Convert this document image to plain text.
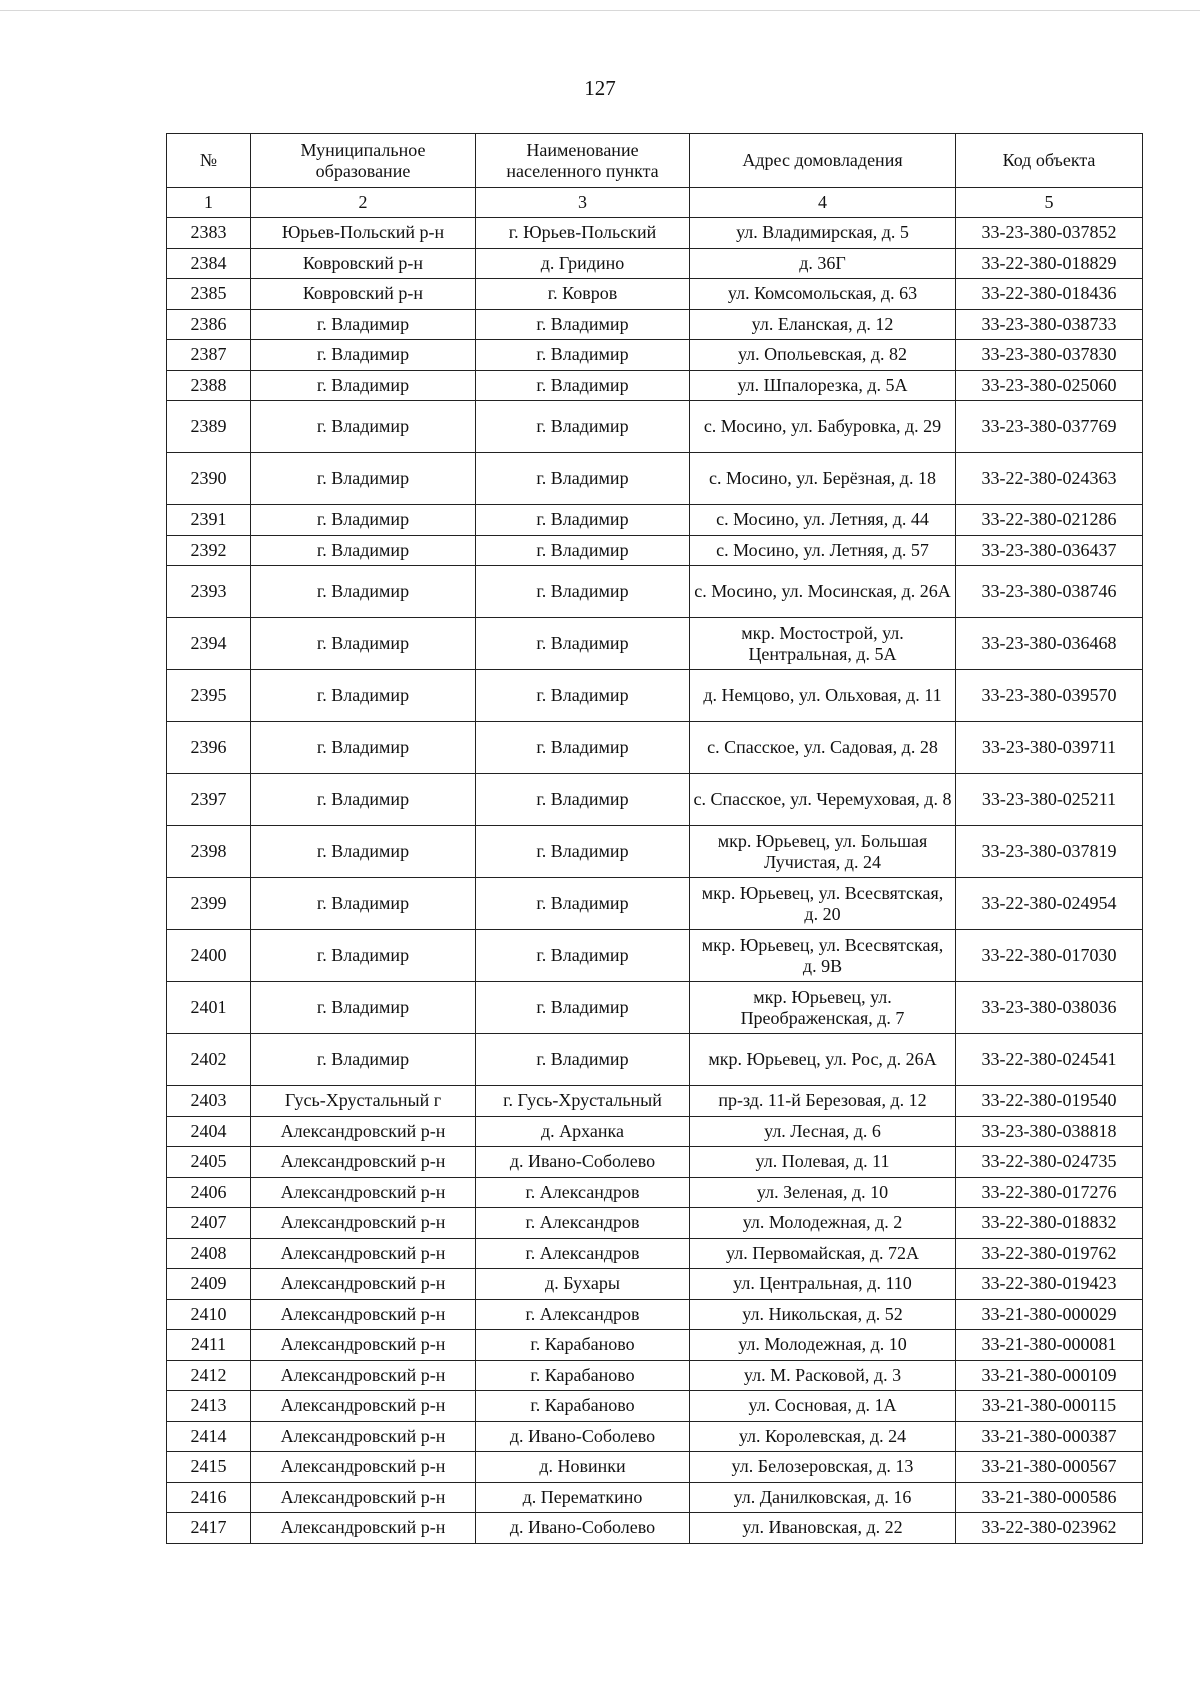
127
№	Муниципальное образование	Наименование населенного пункта	Адрес домовладения	Код объекта
1	2	3	4	5
2383	Юрьев-Польский р-н	г. Юрьев-Польский	ул. Владимирская, д. 5	33-23-380-037852
2384	Ковровский р-н	д. Гридино	д. 36Г	33-22-380-018829
2385	Ковровский р-н	г. Ковров	ул. Комсомольская, д. 63	33-22-380-018436
2386	г. Владимир	г. Владимир	ул. Еланская, д. 12	33-23-380-038733
2387	г. Владимир	г. Владимир	ул. Опольевская, д. 82	33-23-380-037830
2388	г. Владимир	г. Владимир	ул. Шпалорезка, д. 5А	33-23-380-025060
2389	г. Владимир	г. Владимир	с. Мосино, ул. Бабуровка, д. 29	33-23-380-037769
2390	г. Владимир	г. Владимир	с. Мосино, ул. Берёзная, д. 18	33-22-380-024363
2391	г. Владимир	г. Владимир	с. Мосино, ул. Летняя, д. 44	33-22-380-021286
2392	г. Владимир	г. Владимир	с. Мосино, ул. Летняя, д. 57	33-23-380-036437
2393	г. Владимир	г. Владимир	с. Мосино, ул. Мосинская, д. 26А	33-23-380-038746
2394	г. Владимир	г. Владимир	мкр. Мостострой, ул. Центральная, д. 5А	33-23-380-036468
2395	г. Владимир	г. Владимир	д. Немцово, ул. Ольховая, д. 11	33-23-380-039570
2396	г. Владимир	г. Владимир	с. Спасское, ул. Садовая, д. 28	33-23-380-039711
2397	г. Владимир	г. Владимир	с. Спасское, ул. Черемуховая, д. 8	33-23-380-025211
2398	г. Владимир	г. Владимир	мкр. Юрьевец, ул. Большая Лучистая, д. 24	33-23-380-037819
2399	г. Владимир	г. Владимир	мкр. Юрьевец, ул. Всесвятская, д. 20	33-22-380-024954
2400	г. Владимир	г. Владимир	мкр. Юрьевец, ул. Всесвятская, д. 9В	33-22-380-017030
2401	г. Владимир	г. Владимир	мкр. Юрьевец, ул. Преображенская, д. 7	33-23-380-038036
2402	г. Владимир	г. Владимир	мкр. Юрьевец, ул. Рос, д. 26А	33-22-380-024541
2403	Гусь-Хрустальный г	г. Гусь-Хрустальный	пр-зд. 11-й Березовая, д. 12	33-22-380-019540
2404	Александровский р-н	д. Арханка	ул. Лесная, д. 6	33-23-380-038818
2405	Александровский р-н	д. Ивано-Соболево	ул. Полевая, д. 11	33-22-380-024735
2406	Александровский р-н	г. Александров	ул. Зеленая, д. 10	33-22-380-017276
2407	Александровский р-н	г. Александров	ул. Молодежная, д. 2	33-22-380-018832
2408	Александровский р-н	г. Александров	ул. Первомайская, д. 72А	33-22-380-019762
2409	Александровский р-н	д. Бухары	ул. Центральная, д. 110	33-22-380-019423
2410	Александровский р-н	г. Александров	ул. Никольская, д. 52	33-21-380-000029
2411	Александровский р-н	г. Карабаново	ул. Молодежная, д. 10	33-21-380-000081
2412	Александровский р-н	г. Карабаново	ул. М. Расковой, д. 3	33-21-380-000109
2413	Александровский р-н	г. Карабаново	ул. Сосновая, д. 1А	33-21-380-000115
2414	Александровский р-н	д. Ивано-Соболево	ул. Королевская, д. 24	33-21-380-000387
2415	Александровский р-н	д. Новинки	ул. Белозеровская, д. 13	33-21-380-000567
2416	Александровский р-н	д. Перематкино	ул. Данилковская, д. 16	33-21-380-000586
2417	Александровский р-н	д. Ивано-Соболево	ул. Ивановская, д. 22	33-22-380-023962
